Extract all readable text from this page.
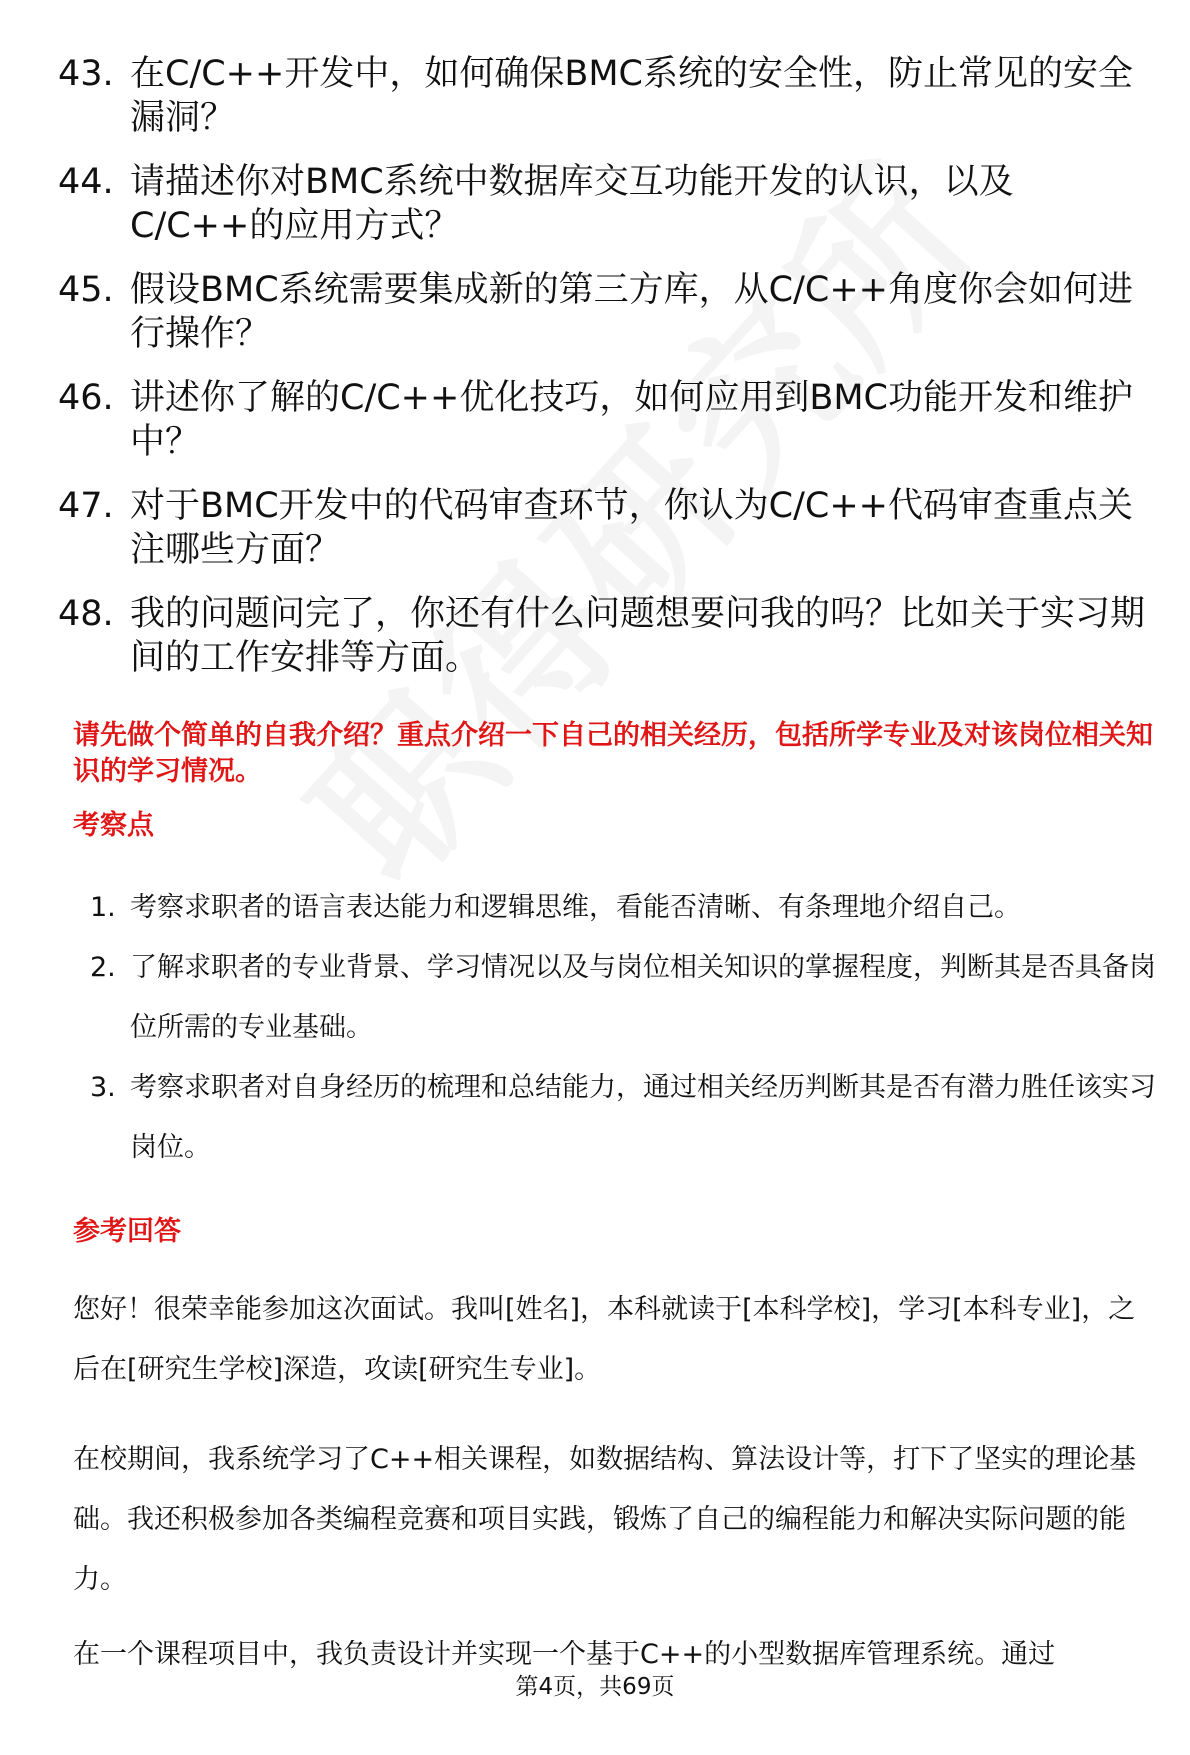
43. 在C/C++开发中，如何确保BMC系统的安全性，防止常见的安全漏洞？
44. 请描述你对BMC系统中数据库交互功能开发的认识，以及C/C++的应用方式？
45. 假设BMC系统需要集成新的第三方库，从C/C++角度你会如何进行操作？
46. 讲述你了解的C/C++优化技巧，如何应用到BMC功能开发和维护中？
47. 对于BMC开发中的代码审查环节，你认为C/C++代码审查重点关注哪些方面？
48. 我的问题问完了，你还有什么问题想要问我的吗？比如关于实习期间的工作安排等方面。
请先做个简单的自我介绍？重点介绍一下自己的相关经历，包括所学专业及对该岗位相关知识的学习情况。
考察点
1. 考察求职者的语言表达能力和逻辑思维，看能否清晰、有条理地介绍自己。
2. 了解求职者的专业背景、学习情况以及与岗位相关知识的掌握程度，判断其是否具备岗位所需的专业基础。
3. 考察求职者对自身经历的梳理和总结能力，通过相关经历判断其是否有潜力胜任该实习岗位。
参考回答
您好！很荣幸能参加这次面试。我叫[姓名]，本科就读于[本科学校]，学习[本科专业]，之后在[研究生学校]深造，攻读[研究生专业]。
在校期间，我系统学习了C++相关课程，如数据结构、算法设计等，打下了坚实的理论基础。我还积极参加各类编程竞赛和项目实践，锻炼了自己的编程能力和解决实际问题的能力。
在一个课程项目中，我负责设计并实现一个基于C++的小型数据库管理系统。通过
第4页，共69页
